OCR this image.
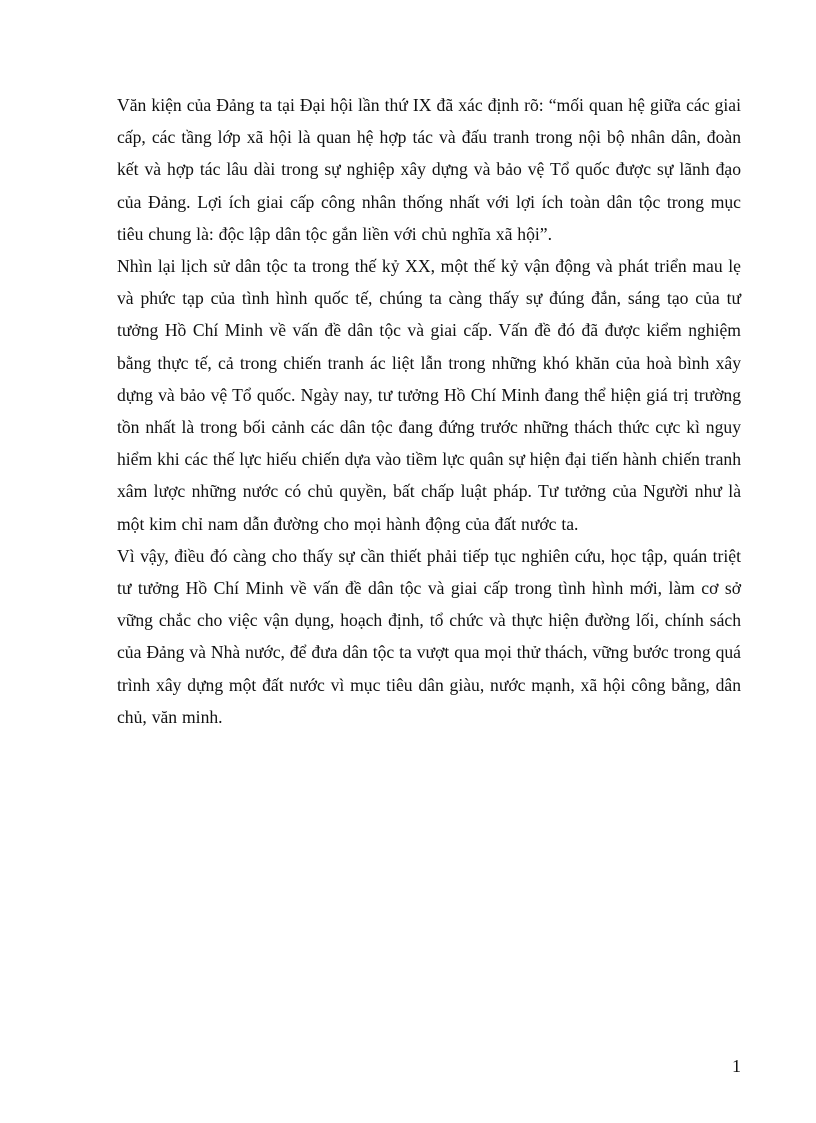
Văn kiện của Đảng ta tại Đại hội lần thứ IX đã xác định rõ: “mối quan hệ giữa các giai cấp, các tầng lớp xã hội là quan hệ hợp tác và đấu tranh trong nội bộ nhân dân, đoàn kết và hợp tác lâu dài trong sự nghiệp xây dựng và bảo vệ Tổ quốc được sự lãnh đạo của Đảng. Lợi ích giai cấp công nhân thống nhất với lợi ích toàn dân tộc trong mục tiêu chung là: độc lập dân tộc gắn liền với chủ nghĩa xã hội”.

Nhìn lại lịch sử dân tộc ta trong thế kỷ XX, một thế kỷ vận động và phát triển mau lẹ và phức tạp của tình hình quốc tế, chúng ta càng thấy sự đúng đắn, sáng tạo của tư tưởng Hồ Chí Minh về vấn đề dân tộc và giai cấp. Vấn đề đó đã được kiểm nghiệm bằng thực tế, cả trong chiến tranh ác liệt lẫn trong những khó khăn của hoà bình xây dựng và bảo vệ Tổ quốc. Ngày nay, tư tưởng Hồ Chí Minh đang thể hiện giá trị trường tồn nhất là trong bối cảnh các dân tộc đang đứng trước những thách thức cực kì nguy hiểm khi các thế lực hiếu chiến dựa vào tiềm lực quân sự hiện đại tiến hành chiến tranh xâm lược những nước có chủ quyền, bất chấp luật pháp. Tư tưởng của Người như là một kim chỉ nam dẫn đường cho mọi hành động của đất nước ta.

Vì vậy, điều đó càng cho thấy sự cần thiết phải tiếp tục nghiên cứu, học tập, quán triệt tư tưởng Hồ Chí Minh về vấn đề dân tộc và giai cấp trong tình hình mới, làm cơ sở vững chắc cho việc vận dụng, hoạch định, tổ chức và thực hiện đường lối, chính sách của Đảng và Nhà nước, để đưa dân tộc ta vượt qua mọi thử thách, vững bước trong quá trình xây dựng một đất nước vì mục tiêu dân giàu, nước mạnh, xã hội công bằng, dân chủ, văn minh.

1
